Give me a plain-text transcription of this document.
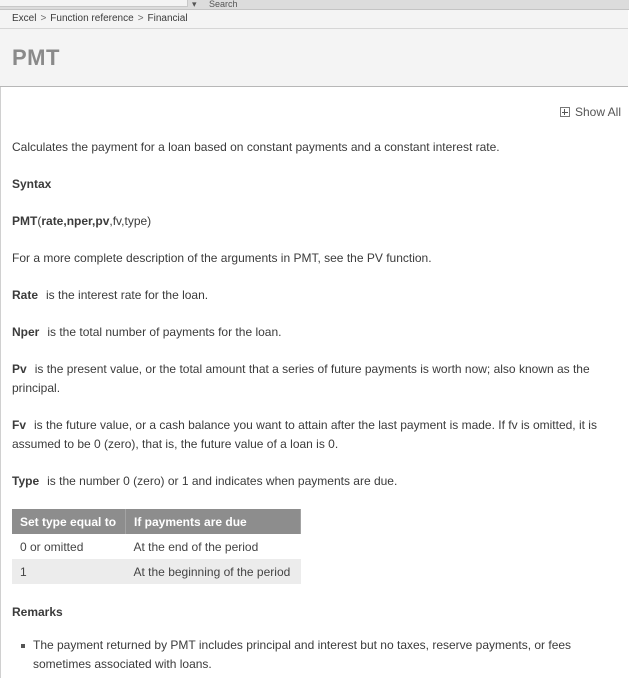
▾ Search
Excel > Function reference > Financial
PMT
Show All

Calculates the payment for a loan based on constant payments and a constant interest rate.

Syntax

PMT(rate,nper,pv,fv,type)

For a more complete description of the arguments in PMT, see the PV function.

Rate is the interest rate for the loan.

Nper is the total number of payments for the loan.

Pv is the present value, or the total amount that a series of future payments is worth now; also known as the principal.

Fv is the future value, or a cash balance you want to attain after the last payment is made. If fv is omitted, it is assumed to be 0 (zero), that is, the future value of a loan is 0.

Type is the number 0 (zero) or 1 and indicates when payments are due.

Set type equal to	If payments are due
0 or omitted	At the end of the period
1	At the beginning of the period

Remarks

The payment returned by PMT includes principal and interest but no taxes, reserve payments, or fees sometimes associated with loans.
